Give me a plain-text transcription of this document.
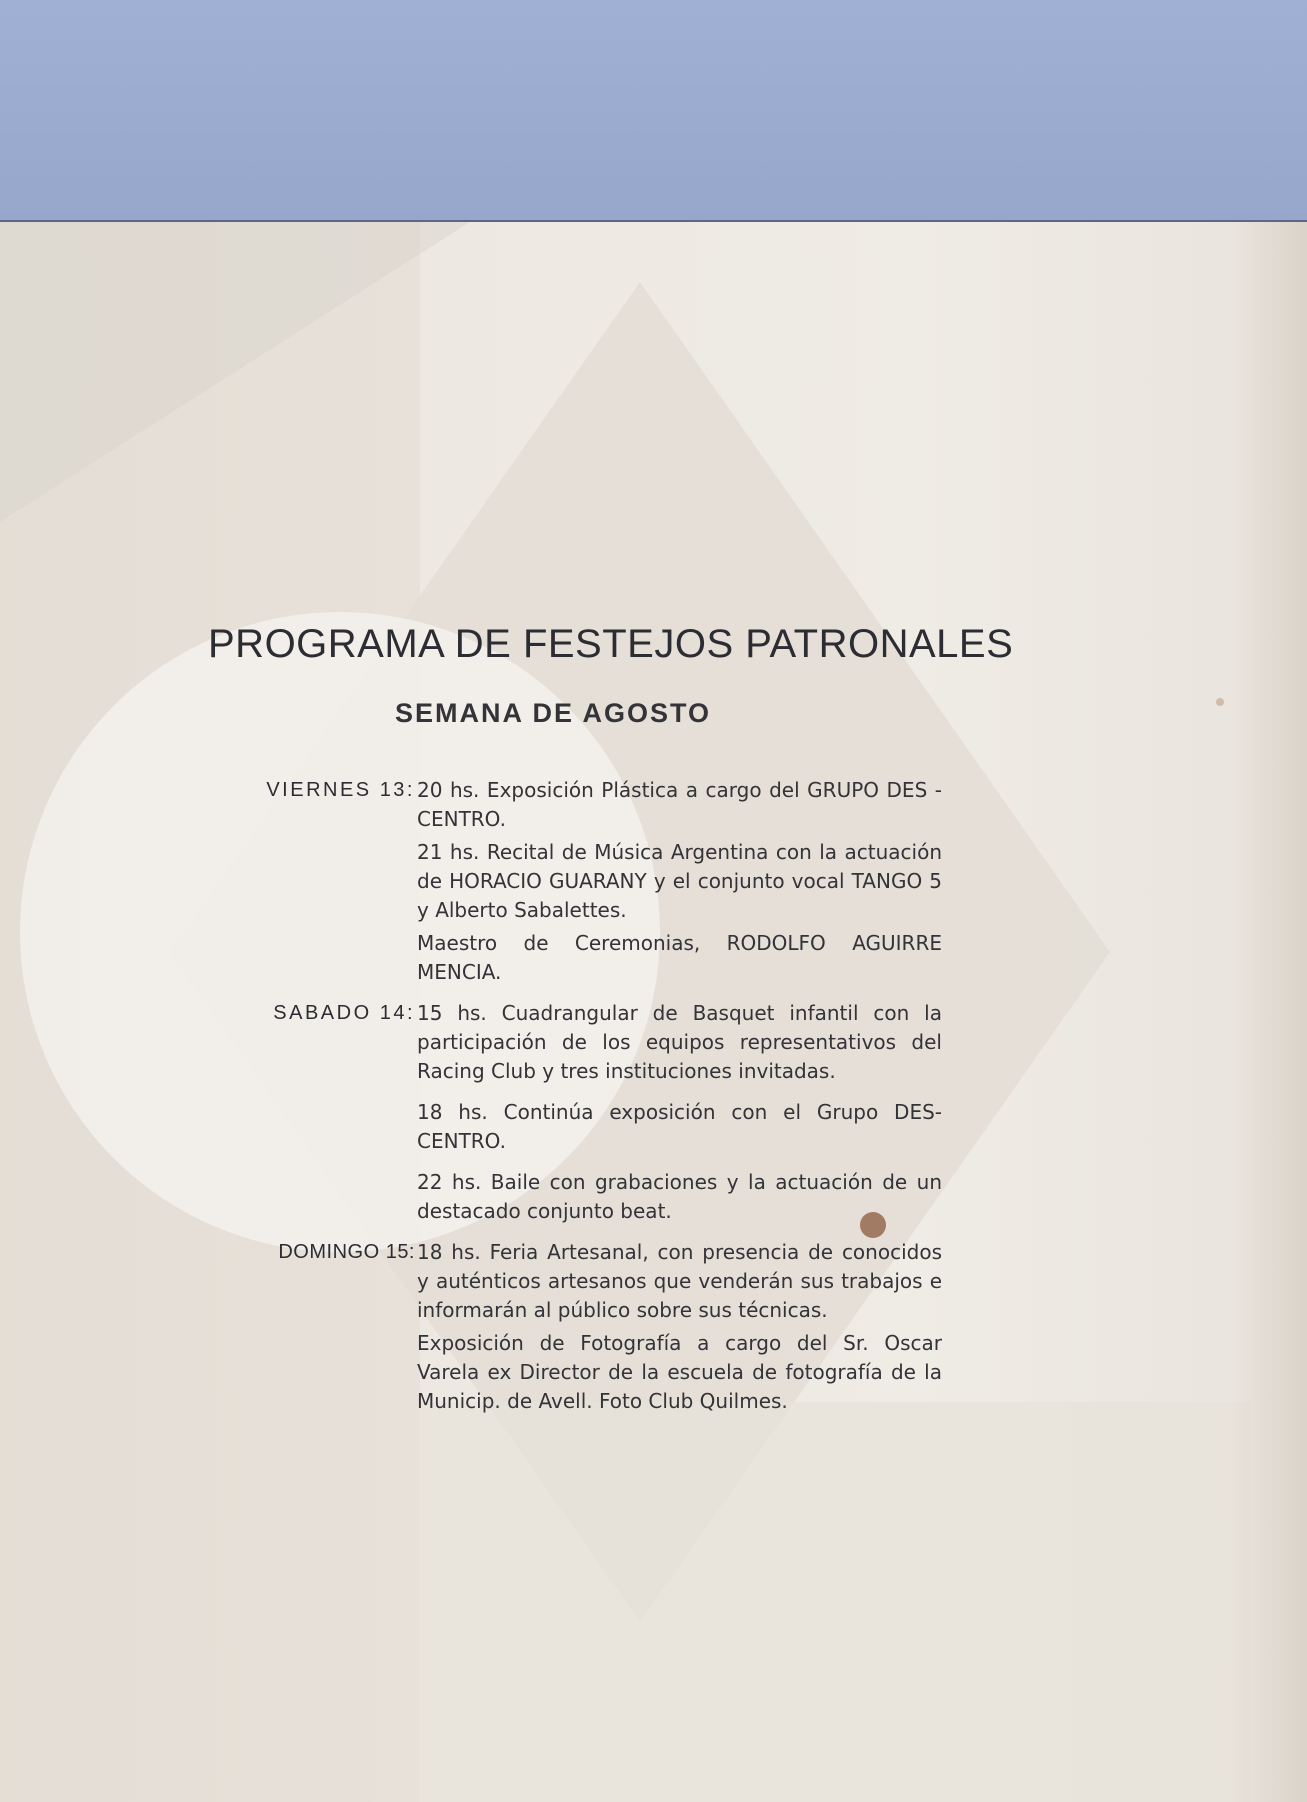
PROGRAMA DE FESTEJOS PATRONALES
SEMANA DE AGOSTO
VIERNES 13: 20 hs. Exposición Plástica a cargo del GRUPO DES - CENTRO.

21 hs. Recital de Música Argentina con la actuación de HORACIO GUARANY y el conjunto vocal TANGO 5 y Alberto Sabalettes.

Maestro de Ceremonias, RODOLFO AGUIRRE MENCIA.

SABADO 14: 15 hs. Cuadrangular de Basquet infantil con la participación de los equipos representativos del Racing Club y tres instituciones invitadas.

18 hs. Continúa exposición con el Grupo DES-CENTRO.

22 hs. Baile con grabaciones y la actuación de un destacado conjunto beat.

DOMINGO 15: 18 hs. Feria Artesanal, con presencia de conocidos y auténticos artesanos que venderán sus trabajos e informarán al público sobre sus técnicas.

Exposición de Fotografía a cargo del Sr. Oscar Varela ex Director de la escuela de fotografía de la Municip. de Avell. Foto Club Quilmes.
